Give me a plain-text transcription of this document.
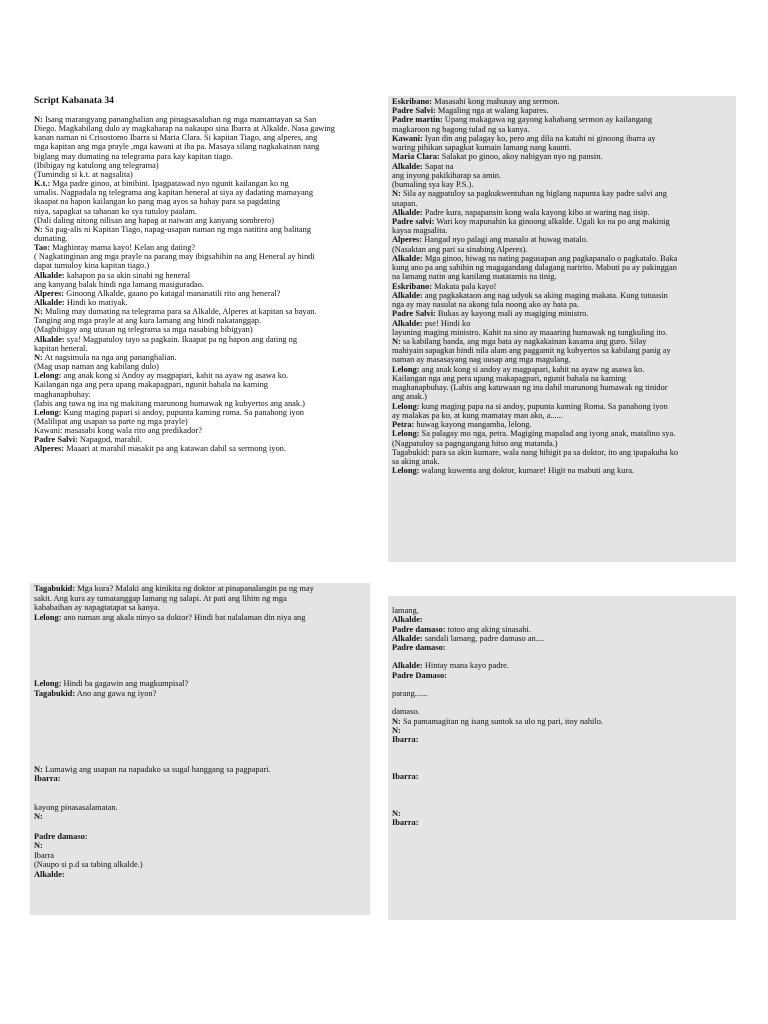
Script Kabanata 34
N: Isang marangyang pananghalian ang pinagsasaluhan ng mga mamamayan sa San
Diego. Magkabilang dulo ay magkaharap na nakaupo sina Ibarra at Alkalde. Nasa gawing
kanan naman ni Crisostomo Ibarra si Maria Clara. Si kapitan Tiago, ang alperes, ang
mga kapitan ang mga prayle ,mga kawani at iba pa. Masaya silang nagkakainan nang
biglang may dumating na telegrama para kay kapitan tiago.
(Ibibigay ng katulong ang telegrama)
(Tumindig si k.t. at nagsalita)
K.t.: Mga padre ginoo, at binibini. Ipagpatawad nyo ngunit kailangan ko ng
umalis. Nagpadala ng telegrama ang kapitan heneral at siya ay dadating mamayang
ikaapat na hapon kailangan ko pang mag ayos sa bahay para sa pagdating
niya, sapagkat sa tahanan ko sya tutuloy paalam.
(Dali daling nitong nilisan ang hapag at naiwan ang kanyang sombrero)
N: Sa pag-alis ni Kapitan Tiago, napag-usapan naman ng mga natitira ang balitang
dumating.
Tao: Maghintay mama kayo! Kelan ang dating?
( Nagkatinginan ang mga prayle na parang may ibigsabihin na ang Heneral ay hindi
dapat tumuloy kina kapitan tiago.)
Alkalde: kahapon pa sa akin sinabi ng heneral
ang kanyang balak hindi nga lamang masiguradao.
Alperes: Ginoong Alkalde, gaano po katagal mananatili rito ang heneral?
Alkalde: Hindi ko matiyak.
N: Muling may dumating na telegrama para sa Alkalde, Alperes at kapitan sa bayan.
Tanging ang mga prayle at ang kura lamang ang hindi nakatanggap.
(Magbibigay ang utusan ng telegrama sa mga nasabing bibigyan)
Alkalde: sya! Magpatuloy tayo sa pagkain. Ikaapat pa ng hapon ang dating ng
kapitan heneral.
N: At nagsimula na nga ang pananghalian.
(Mag usap naman ang kabilang dulo)
Lelong: ang anak kong si Andoy ay magpapari, kahit na ayaw ng asawa ko.
Kailangan nga ang pera upang makapagpari, ngunit bahala na kaming
maghanapbuhay.
(labis ang tuwa ng ina ng makitang marunong humawak ng kubyertos ang anak.)
Lelong: Kung maging papari si andoy, pupunta kaming roma. Sa panahong iyon
(Malilipat ang usapan sa parte ng mga prayle)
Kawani: masasabi kong wala rito ang predikador?
Padre Salvi: Napagod, marahil.
Alperes: Maaari at marahil masakit pa ang katawan dahil sa sermong iyon.
Eskribano: Masasabi kong mahusay ang sermon.
Padre Salvi: Magaling nga at walang kapares.
Padre martin: Upang makagawa ng gayong kahabang sermon ay kailangang
magkaroon ng bagong tulad ng sa kanya.
Kawani: Iyan din ang palagay ko, pero ang dila na katabi ni ginoong ibarra ay
waring pihikan sapagkat kumain lamang nang kaunti.
Maria Clara: Salakat po ginoo, akoy nabigyan nyo ng pansin.
Alkalde: Sapat na
ang inyong pakikiharap sa amin.
(bumaling sya kay P.S.).
N: Sila ay nagpatuloy sa pagkukwentuhan ng biglang napunta kay padre salvi ang
usapan.
Alkalde: Padre kura, napapansin kong wala kayong kibo at waring nag iisip.
Padre salvi: Wari koy mapunahin ka ginoong alkalde. Ugali ko na po ang makinig
kaysa magsalita.
Alperes: Hangad nyo palagi ang manalo at huwag matalo.
(Nasaktan ang pari sa sinabing Alperes).
Alkalde: Mga ginoo, hiwag na nating pagusapan ang pagkapanalo o pagkatalo. Baka
kung ano pa ang sabihin ng magagandang dalagang naririto. Mabuti pa ay pakinggan
na lamang natin ang kanilang matatamis na tinig.
Eskribano: Makata pala kayo!
Alkalde: ang pagkakataon ang nag udyok sa aking maging makata. Kung tutuusin
nga ay may nasulat na akong tula noong ako ay bata pa.
Padre Salvi: Bukas ay kayong mali ay magiging ministro.
Alkalde: pse! Hindi ko
layuning maging ministro. Kahit na sino ay maaaring humawak ng tungkuling ito.
N: sa kabilang banda, ang mga bata ay nagkakainan kasama ang guro. Silay
mahiyain sapagkat hindi nila alam ang paggamit ng kubyertos sa kabilang panig ay
naman ay masasayang nag uusap ang mga magulang.
Lelong: ang anak kong si andoy ay magpapari, kahit na ayaw ng asawa ko.
Kailangan nga ang pera upang makapagpari, ngunit bahala na kaming
maghanapbuhay. (Labis ang katuwaan ng ina dahil marunong humawak ng tinidor
ang anak.)
Lelong: kung maging papa na si andoy, pupunta kaming Roma. Sa panahong iyon
ay malakas pa ko, at kung mamatay man ako, a......
Petra: huwag kayong mangamba, lelong.
Lelong: Sa palagay mo nga, petra. Magiging mapalad ang iyong anak, matalino sya.
(Nagpatuloy sa pagngangang hitso ang matanda.)
Tagabukid: para sa akin kumare, wala nang hihigit pa sa doktor, ito ang ipapakuha ko
sa aking anak.
Lelong: walang kuwenta ang doktor, kumare! Higit na mabuti ang kura.
Tagabukid: Mga kura? Malaki ang kinikita ng doktor at pinapanalangin pa ng may
sakit. Ang kura ay tumatanggap lamang ng salapi. At pati ang lihim ng mga
kababaihan ay napagtatapat sa kanya.
Lelong: ano naman ang akala ninyo sa doktor? Hindi bat nalalaman din niya ang
Lelong: Hindi ba gagawin ang magkumpisal?
Tagabukid: Ano ang gawa ng iyon?
N: Lumawig ang usapan na napadako sa sugal hanggang sa pagpapari.
Ibarra:
kayong pinasasalamatan.
N:
Padre damaso:
N:
Ibarra
(Naupo si p.d sa tabing alkalde.)
Alkalde:
lamang.
Alkalde:
Padre damaso: totoo ang aking sinasabi.
Alkalde: sandali lamang, padre damaso an....
Padre damaso:
Alkalde: Hintay mana kayo padre.
Padre Damaso:
parang......
damaso.
N: Sa pamamagitan ng isang suntok sa ulo ng pari, itoy nahilo.
N:
Ibarra:
Ibarra:
N:
Ibarra:
